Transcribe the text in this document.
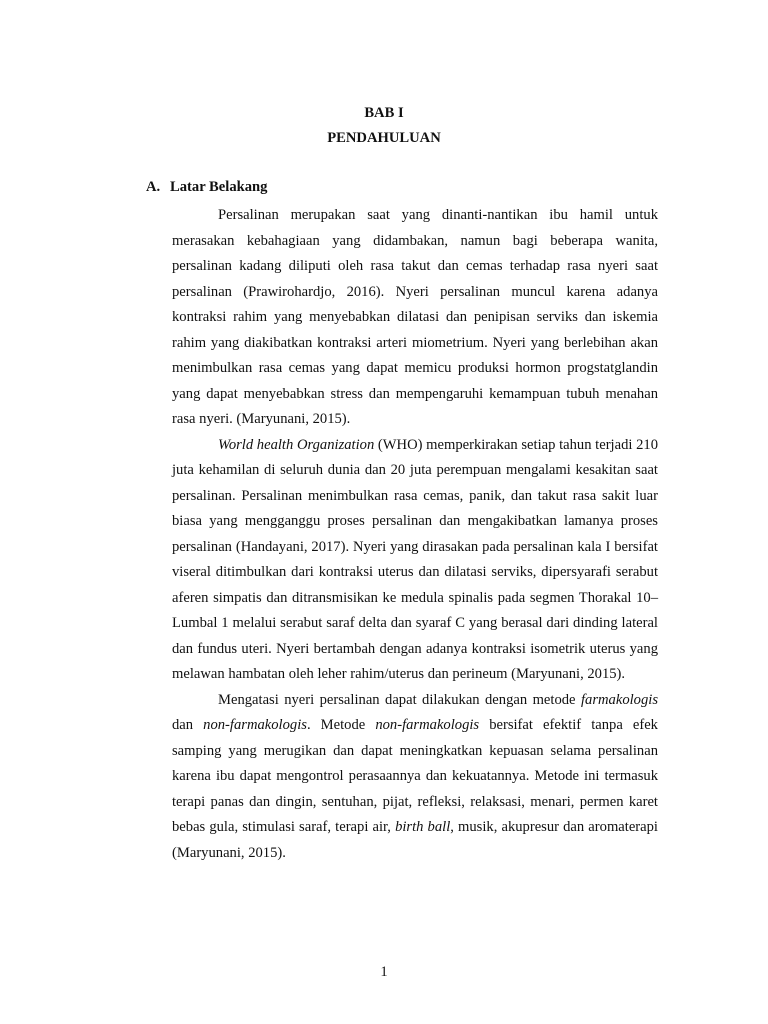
BAB I
PENDAHULUAN
A. Latar Belakang

Persalinan merupakan saat yang dinanti-nantikan ibu hamil untuk merasakan kebahagiaan yang didambakan, namun bagi beberapa wanita, persalinan kadang diliputi oleh rasa takut dan cemas terhadap rasa nyeri saat persalinan (Prawirohardjo, 2016). Nyeri persalinan muncul karena adanya kontraksi rahim yang menyebabkan dilatasi dan penipisan serviks dan iskemia rahim yang diakibatkan kontraksi arteri miometrium. Nyeri yang berlebihan akan menimbulkan rasa cemas yang dapat memicu produksi hormon progstatglandin yang dapat menyebabkan stress dan mempengaruhi kemampuan tubuh menahan rasa nyeri. (Maryunani, 2015).

World health Organization (WHO) memperkirakan setiap tahun terjadi 210 juta kehamilan di seluruh dunia dan 20 juta perempuan mengalami kesakitan saat persalinan. Persalinan menimbulkan rasa cemas, panik, dan takut rasa sakit luar biasa yang mengganggu proses persalinan dan mengakibatkan lamanya proses persalinan (Handayani, 2017). Nyeri yang dirasakan pada persalinan kala I bersifat viseral ditimbulkan dari kontraksi uterus dan dilatasi serviks, dipersyarafi serabut aferen simpatis dan ditransmisikan ke medula spinalis pada segmen Thorakal 10–Lumbal 1 melalui serabut saraf delta dan syaraf C yang berasal dari dinding lateral dan fundus uteri. Nyeri bertambah dengan adanya kontraksi isometrik uterus yang melawan hambatan oleh leher rahim/uterus dan perineum (Maryunani, 2015).

Mengatasi nyeri persalinan dapat dilakukan dengan metode farmakologis dan non-farmakologis. Metode non-farmakologis bersifat efektif tanpa efek samping yang merugikan dan dapat meningkatkan kepuasan selama persalinan karena ibu dapat mengontrol perasaannya dan kekuatannya. Metode ini termasuk terapi panas dan dingin, sentuhan, pijat, refleksi, relaksasi, menari, permen karet bebas gula, stimulasi saraf, terapi air, birth ball, musik, akupresur dan aromaterapi (Maryunani, 2015).

1
